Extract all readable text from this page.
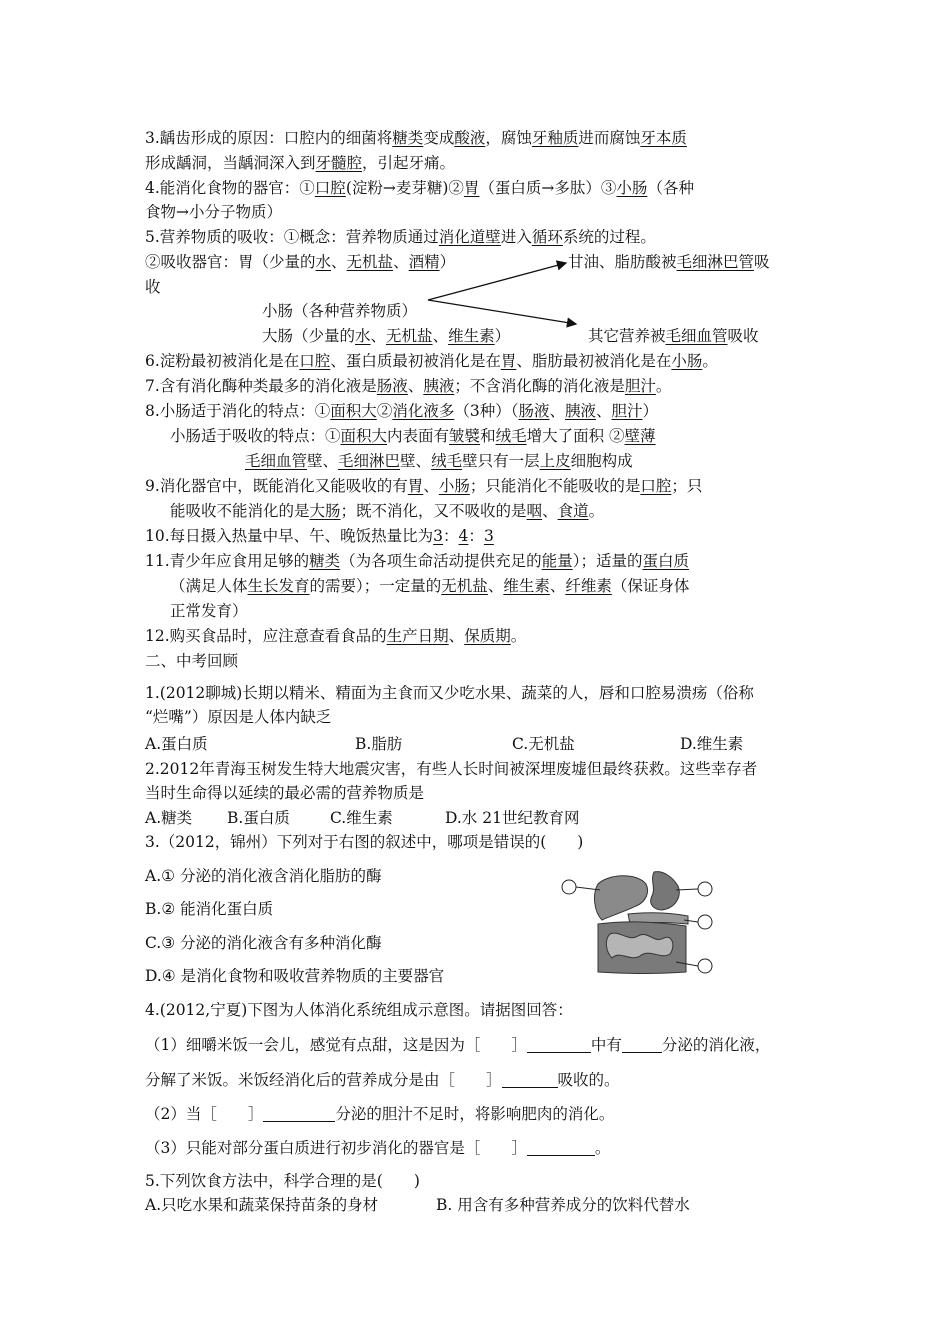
3.龋齿形成的原因：口腔内的细菌将糖类变成酸液，腐蚀牙釉质进而腐蚀牙本质
形成龋洞，当龋洞深入到牙髓腔，引起牙痛。
4.能消化食物的器官：①口腔(淀粉→麦芽糖)②胃（蛋白质→多肽）③小肠（各种
食物→小分子物质）
5.营养物质的吸收：①概念：营养物质通过消化道壁进入循环系统的过程。
②吸收器官：胃（少量的水、无机盐、酒精）	甘油、脂肪酸被毛细淋巴管吸
收
小肠（各种营养物质）
大肠（少量的水、无机盐、维生素）	其它营养被毛细血管吸收
6.淀粉最初被消化是在口腔、蛋白质最初被消化是在胃、脂肪最初被消化是在小肠。
7.含有消化酶种类最多的消化液是肠液、胰液；不含消化酶的消化液是胆汁。
8.小肠适于消化的特点：①面积大②消化液多（3种）（肠液、胰液、胆汁）
小肠适于吸收的特点：①面积大内表面有皱襞和绒毛增大了面积 ②壁薄
毛细血管壁、毛细淋巴壁、绒毛壁只有一层上皮细胞构成
9.消化器官中，既能消化又能吸收的有胃、小肠；只能消化不能吸收的是口腔；只
能吸收不能消化的是大肠；既不消化，又不吸收的是咽、食道。
10.每日摄入热量中早、午、晚饭热量比为3：4：3
11.青少年应食用足够的糖类（为各项生命活动提供充足的能量）；适量的蛋白质
（满足人体生长发育的需要）；一定量的无机盐、维生素、纤维素（保证身体
正常发育）
12.购买食品时，应注意查看食品的生产日期、保质期。
二、中考回顾
1.(2012聊城)长期以精米、精面为主食而又少吃水果、蔬菜的人，唇和口腔易溃疡（俗称
“烂嘴”）原因是人体内缺乏
A.蛋白质	B.脂肪	C.无机盐	D.维生素
2.2012年青海玉树发生特大地震灾害，有些人长时间被深埋废墟但最终获救。这些幸存者
当时生命得以延续的最必需的营养物质是
A.糖类 B.蛋白质	C.维生素	D.水 21世纪教育网
3.（2012，锦州）下列对于右图的叙述中，哪项是错误的(　　)
A.① 分泌的消化液含消化脂肪的酶
B.② 能消化蛋白质
C.③ 分泌的消化液含有多种消化酶
D.④ 是消化食物和吸收营养物质的主要器官
4.(2012,宁夏)下图为人体消化系统组成示意图。请据图回答：
（1）细嚼米饭一会儿，感觉有点甜，这是因为［　　］	中有	分泌的消化液，
分解了米饭。米饭经消化后的营养成分是由［　　］	吸收的。
（2）当［　　］	分泌的胆汁不足时，将影响肥肉的消化。
（3）只能对部分蛋白质进行初步消化的器官是［　　］	。
5.下列饮食方法中，科学合理的是(　　)
A.只吃水果和蔬菜保持苗条的身材	B. 用含有多种营养成分的饮料代替水
